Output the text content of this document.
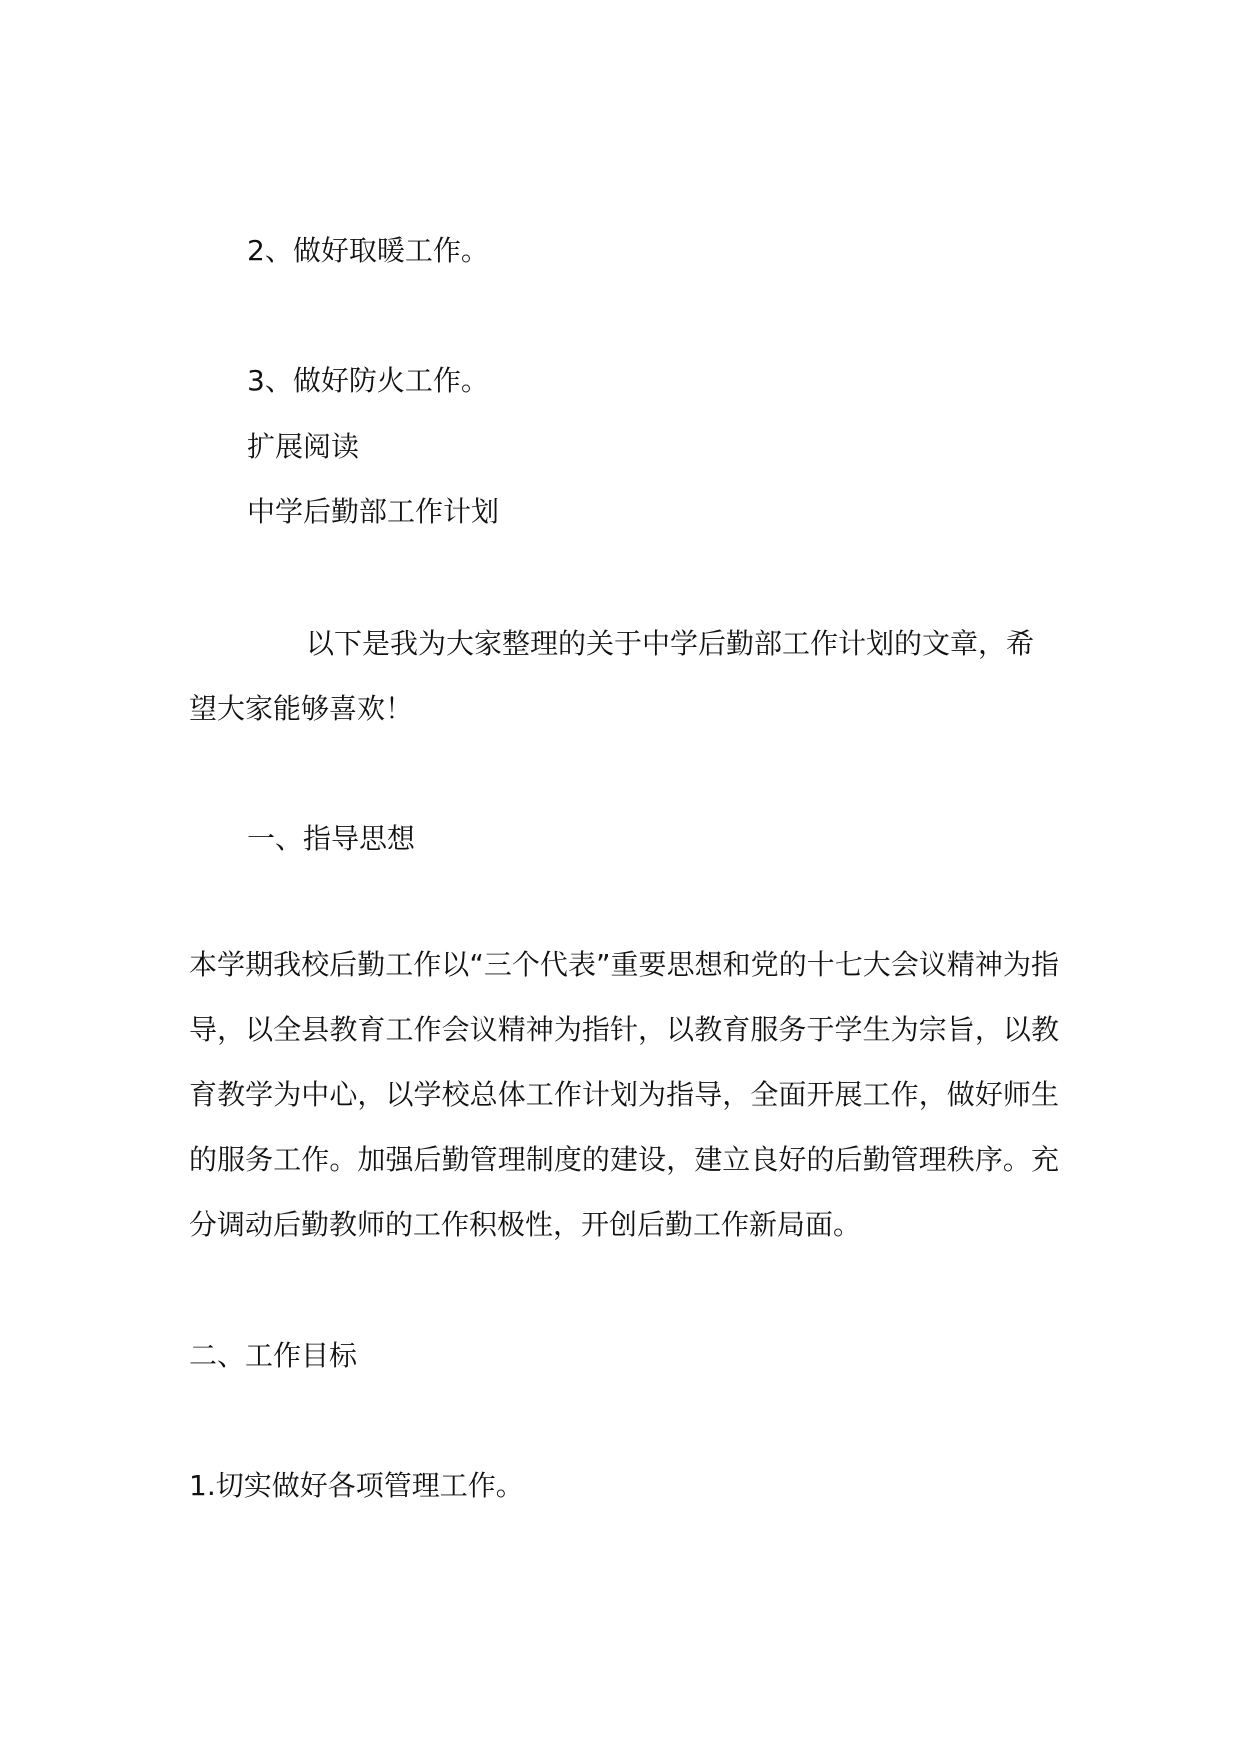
2、做好取暖工作。

3、做好防火工作。

扩展阅读

中学后勤部工作计划

以下是我为大家整理的关于中学后勤部工作计划的文章，希

望大家能够喜欢！

一、指导思想

本学期我校后勤工作以“三个代表”重要思想和党的十七大会议精神为指导，以全县教育工作会议精神为指针，以教育服务于学生为宗旨，以教育教学为中心，以学校总体工作计划为指导，全面开展工作，做好师生的服务工作。加强后勤管理制度的建设，建立良好的后勤管理秩序。充分调动后勤教师的工作积极性，开创后勤工作新局面。

二、工作目标

1.切实做好各项管理工作。
